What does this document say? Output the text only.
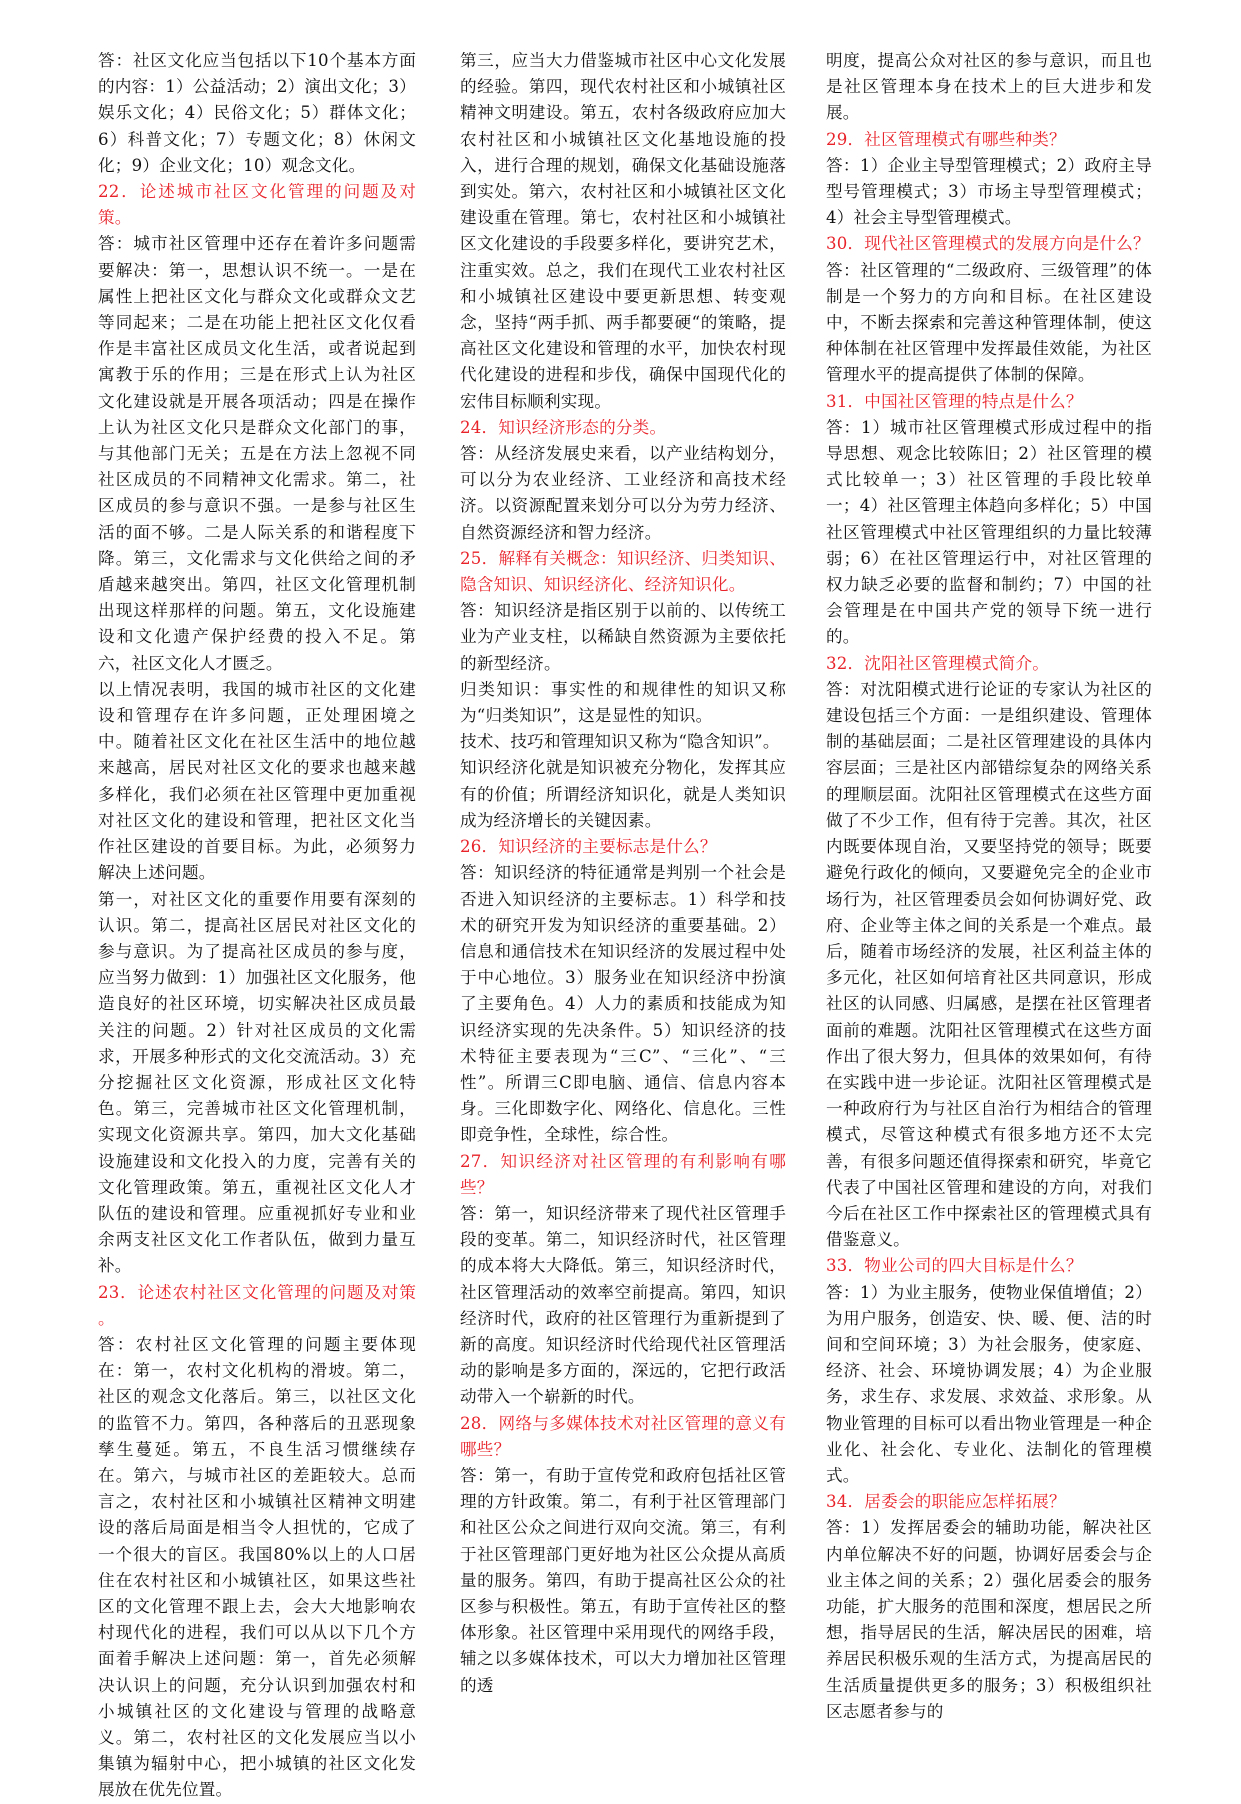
答：社区文化应当包括以下10个基本方面的内容：1）公益活动；2）演出文化；3）娱乐文化；4）民俗文化；5）群体文化；6）科普文化；7）专题文化；8）休闲文化；9）企业文化；10）观念文化。

22．论述城市社区文化管理的问题及对策。

答：城市社区管理中还存在着许多问题需要解决：第一，思想认识不统一。一是在属性上把社区文化与群众文化或群众文艺等同起来；二是在功能上把社区文化仅看作是丰富社区成员文化生活，或者说起到寓教于乐的作用；三是在形式上认为社区文化建设就是开展各项活动；四是在操作上认为社区文化只是群众文化部门的事，与其他部门无关；五是在方法上忽视不同社区成员的不同精神文化需求。第二，社区成员的参与意识不强。一是参与社区生活的面不够。二是人际关系的和谐程度下降。第三，文化需求与文化供给之间的矛盾越来越突出。第四，社区文化管理机制出现这样那样的问题。第五，文化设施建设和文化遗产保护经费的投入不足。第六，社区文化人才匮乏。

以上情况表明，我国的城市社区的文化建设和管理存在许多问题，正处理困境之中。随着社区文化在社区生活中的地位越来越高，居民对社区文化的要求也越来越多样化，我们必须在社区管理中更加重视对社区文化的建设和管理，把社区文化当作社区建设的首要目标。为此，必须努力解决上述问题。

第一，对社区文化的重要作用要有深刻的认识。第二，提高社区居民对社区文化的参与意识。为了提高社区成员的参与度，应当努力做到：1）加强社区文化服务，他造良好的社区环境，切实解决社区成员最关注的问题。2）针对社区成员的文化需求，开展多种形式的文化交流活动。3）充分挖掘社区文化资源，形成社区文化特色。第三，完善城市社区文化管理机制，实现文化资源共享。第四，加大文化基础设施建设和文化投入的力度，完善有关的文化管理政策。第五，重视社区文化人才队伍的建设和管理。应重视抓好专业和业余两支社区文化工作者队伍，做到力量互补。

23．论述农村社区文化管理的问题及对策 。

答：农村社区文化管理的问题主要体现在：第一，农村文化机构的滑坡。第二，社区的观念文化落后。第三，以社区文化的监管不力。第四，各种落后的丑恶现象孳生蔓延。第五，不良生活习惯继续存在。第六，与城市社区的差距较大。总而言之，农村社区和小城镇社区精神文明建设的落后局面是相当令人担忧的，它成了一个很大的盲区。我国80%以上的人口居住在农村社区和小城镇社区，如果这些社区的文化管理不跟上去，会大大地影响农村现代化的进程，我们可以从以下几个方面着手解决上述问题：第一，首先必须解决认识上的问题，充分认识到加强农村和小城镇社区的文化建设与管理的战略意义。第二，农村社区的文化发展应当以小集镇为辐射中心，把小城镇的社区文化发展放在优先位置。

第三，应当大力借鉴城市社区中心文化发展的经验。第四，现代农村社区和小城镇社区精神文明建设。第五，农村各级政府应加大农村社区和小城镇社区文化基地设施的投入，进行合理的规划，确保文化基础设施落到实处。第六，农村社区和小城镇社区文化建设重在管理。第七，农村社区和小城镇社区文化建设的手段要多样化，要讲究艺术，注重实效。总之，我们在现代工业农村社区和小城镇社区建设中要更新思想、转变观念，坚持“两手抓、两手都要硬“的策略，提高社区文化建设和管理的水平，加快农村现代化建设的进程和步伐，确保中国现代化的宏伟目标顺利实现。

24．知识经济形态的分类。

答：从经济发展史来看，以产业结构划分，可以分为农业经济、工业经济和高技术经济。以资源配置来划分可以分为劳力经济、自然资源经济和智力经济。

25．解释有关概念：知识经济、归类知识、隐含知识、知识经济化、经济知识化。

答：知识经济是指区别于以前的、以传统工业为产业支柱，以稀缺自然资源为主要依托的新型经济。

归类知识：事实性的和规律性的知识又称为“归类知识”，这是显性的知识。

技术、技巧和管理知识又称为“隐含知识”。

知识经济化就是知识被充分物化，发挥其应有的价值；所谓经济知识化，就是人类知识成为经济增长的关键因素。

26．知识经济的主要标志是什么？

答：知识经济的特征通常是判别一个社会是否进入知识经济的主要标志。1）科学和技术的研究开发为知识经济的重要基础。2）信息和通信技术在知识经济的发展过程中处于中心地位。3）服务业在知识经济中扮演了主要角色。4）人力的素质和技能成为知识经济实现的先决条件。5）知识经济的技术特征主要表现为“三C”、“三化”、“三性”。所谓三C即电脑、通信、信息内容本身。三化即数字化、网络化、信息化。三性即竞争性，全球性，综合性。

27．知识经济对社区管理的有利影响有哪些？

答：第一，知识经济带来了现代社区管理手段的变革。第二，知识经济时代，社区管理的成本将大大降低。第三，知识经济时代，社区管理活动的效率空前提高。第四，知识经济时代，政府的社区管理行为重新提到了新的高度。知识经济时代给现代社区管理活动的影响是多方面的，深远的，它把行政活动带入一个崭新的时代。

28．网络与多媒体技术对社区管理的意义有哪些？

答：第一，有助于宣传党和政府包括社区管理的方针政策。第二，有利于社区管理部门和社区公众之间进行双向交流。第三，有利于社区管理部门更好地为社区公众提从高质量的服务。第四，有助于提高社区公众的社区参与积极性。第五，有助于宣传社区的整体形象。社区管理中采用现代的网络手段，辅之以多媒体技术，可以大力增加社区管理的透

明度，提高公众对社区的参与意识，而且也是社区管理本身在技术上的巨大进步和发展。

29．社区管理模式有哪些种类？

答：1）企业主导型管理模式；2）政府主导型号管理模式；3）市场主导型管理模式；4）社会主导型管理模式。

30．现代社区管理模式的发展方向是什么？

答：社区管理的“二级政府、三级管理”的体制是一个努力的方向和目标。在社区建设中，不断去探索和完善这种管理体制，使这种体制在社区管理中发挥最佳效能，为社区管理水平的提高提供了体制的保障。

31．中国社区管理的特点是什么？

答：1）城市社区管理模式形成过程中的指导思想、观念比较陈旧；2）社区管理的模式比较单一；3）社区管理的手段比较单一；4）社区管理主体趋向多样化；5）中国社区管理模式中社区管理组织的力量比较薄弱；6）在社区管理运行中，对社区管理的权力缺乏必要的监督和制约；7）中国的社会管理是在中国共产党的领导下统一进行的。

32．沈阳社区管理模式简介。

答：对沈阳模式进行论证的专家认为社区的建设包括三个方面：一是组织建设、管理体制的基础层面；二是社区管理建设的具体内容层面；三是社区内部错综复杂的网络关系的理顺层面。沈阳社区管理模式在这些方面做了不少工作，但有待于完善。其次，社区内既要体现自治，又要坚持党的领导；既要避免行政化的倾向，又要避免完全的企业市场行为，社区管理委员会如何协调好党、政府、企业等主体之间的关系是一个难点。最后，随着市场经济的发展，社区利益主体的多元化，社区如何培育社区共同意识，形成社区的认同感、归属感，是摆在社区管理者面前的难题。沈阳社区管理模式在这些方面作出了很大努力，但具体的效果如何，有待在实践中进一步论证。沈阳社区管理模式是一种政府行为与社区自治行为相结合的管理模式，尽管这种模式有很多地方还不太完善，有很多问题还值得探索和研究，毕竟它代表了中国社区管理和建设的方向，对我们今后在社区工作中探索社区的管理模式具有借鉴意义。

33．物业公司的四大目标是什么？

答：1）为业主服务，使物业保值增值；2）为用户服务，创造安、快、暖、便、洁的时间和空间环境；3）为社会服务，使家庭、经济、社会、环境协调发展；4）为企业服务，求生存、求发展、求效益、求形象。从物业管理的目标可以看出物业管理是一种企业化、社会化、专业化、法制化的管理模式。

34．居委会的职能应怎样拓展？

答：1）发挥居委会的辅助功能，解决社区内单位解决不好的问题，协调好居委会与企业主体之间的关系；2）强化居委会的服务功能，扩大服务的范围和深度，想居民之所想，指导居民的生活，解决居民的困难，培养居民积极乐观的生活方式，为提高居民的生活质量提供更多的服务；3）积极组织社区志愿者参与的
